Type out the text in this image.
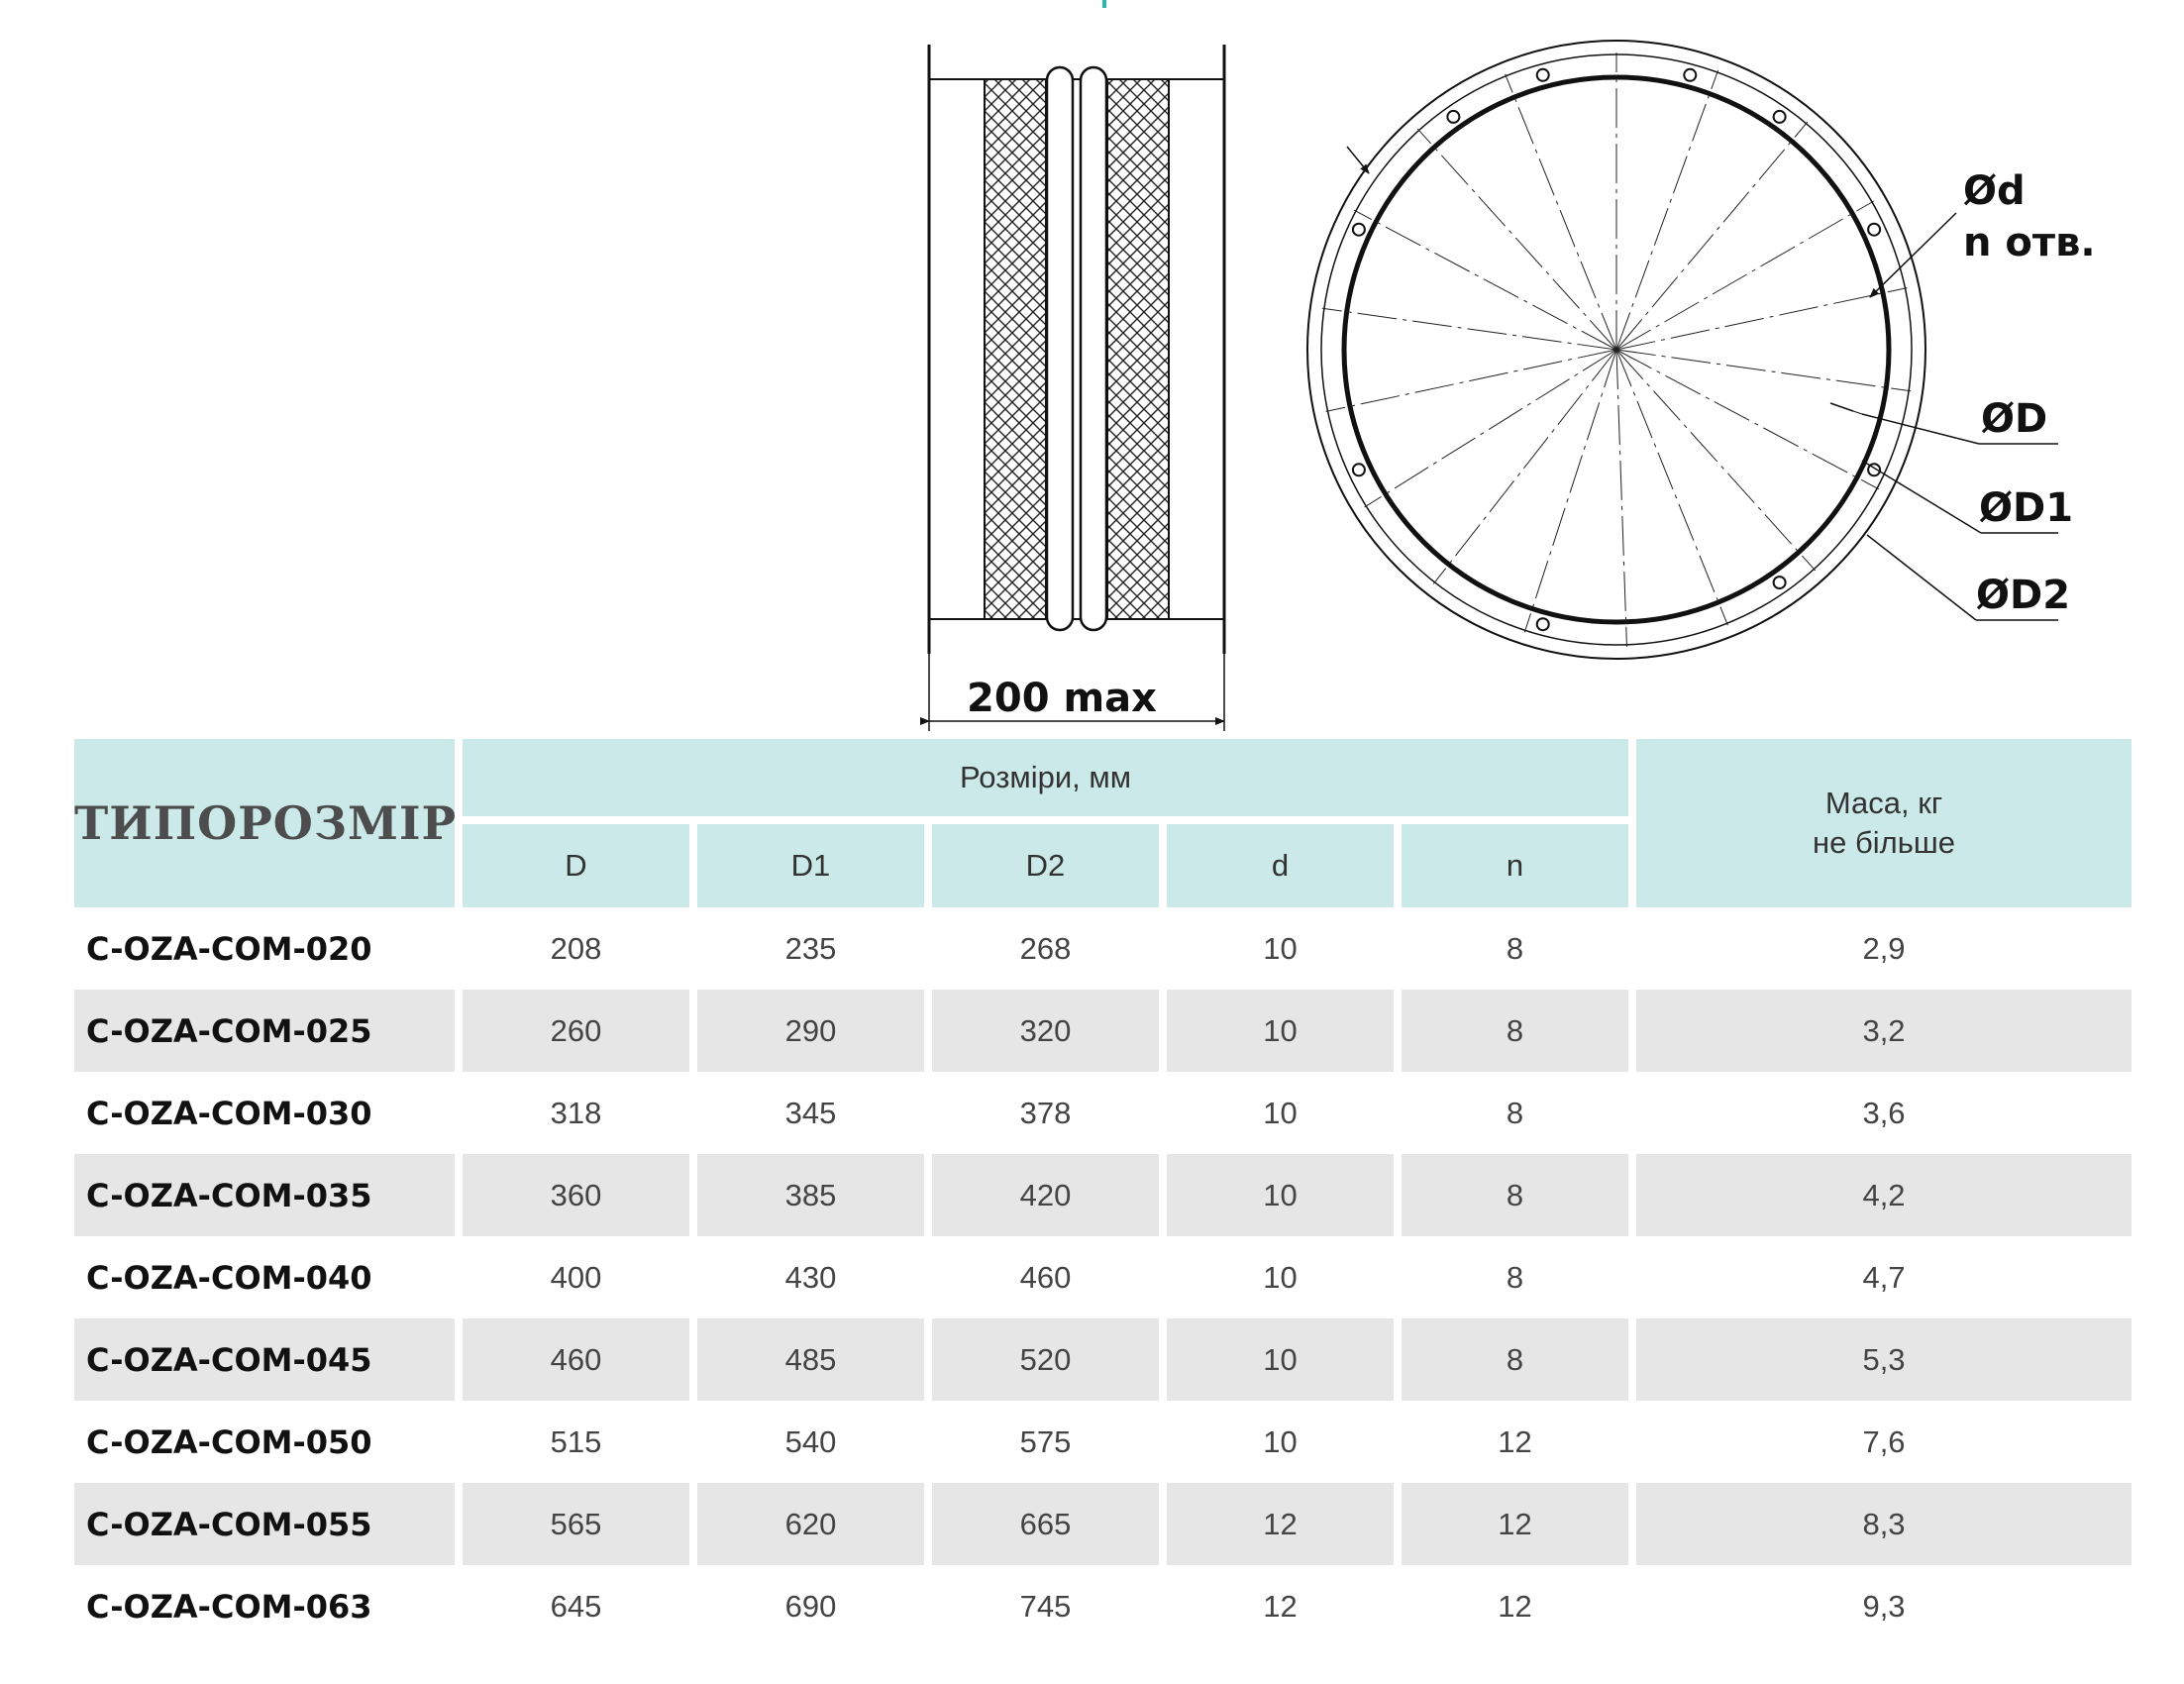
200 max
Ød
n отв.
ØD
ØD1
ØD2
ТИПОРОЗМІР	Розміри, мм					Маса, кг
не більше
	D	D1	D2	d	n	
C-OZA-COM-020	208	235	268	10	8	2,9
C-OZA-COM-025	260	290	320	10	8	3,2
C-OZA-COM-030	318	345	378	10	8	3,6
C-OZA-COM-035	360	385	420	10	8	4,2
C-OZA-COM-040	400	430	460	10	8	4,7
C-OZA-COM-045	460	485	520	10	8	5,3
C-OZA-COM-050	515	540	575	10	12	7,6
C-OZA-COM-055	565	620	665	12	12	8,3
C-OZA-COM-063	645	690	745	12	12	9,3
